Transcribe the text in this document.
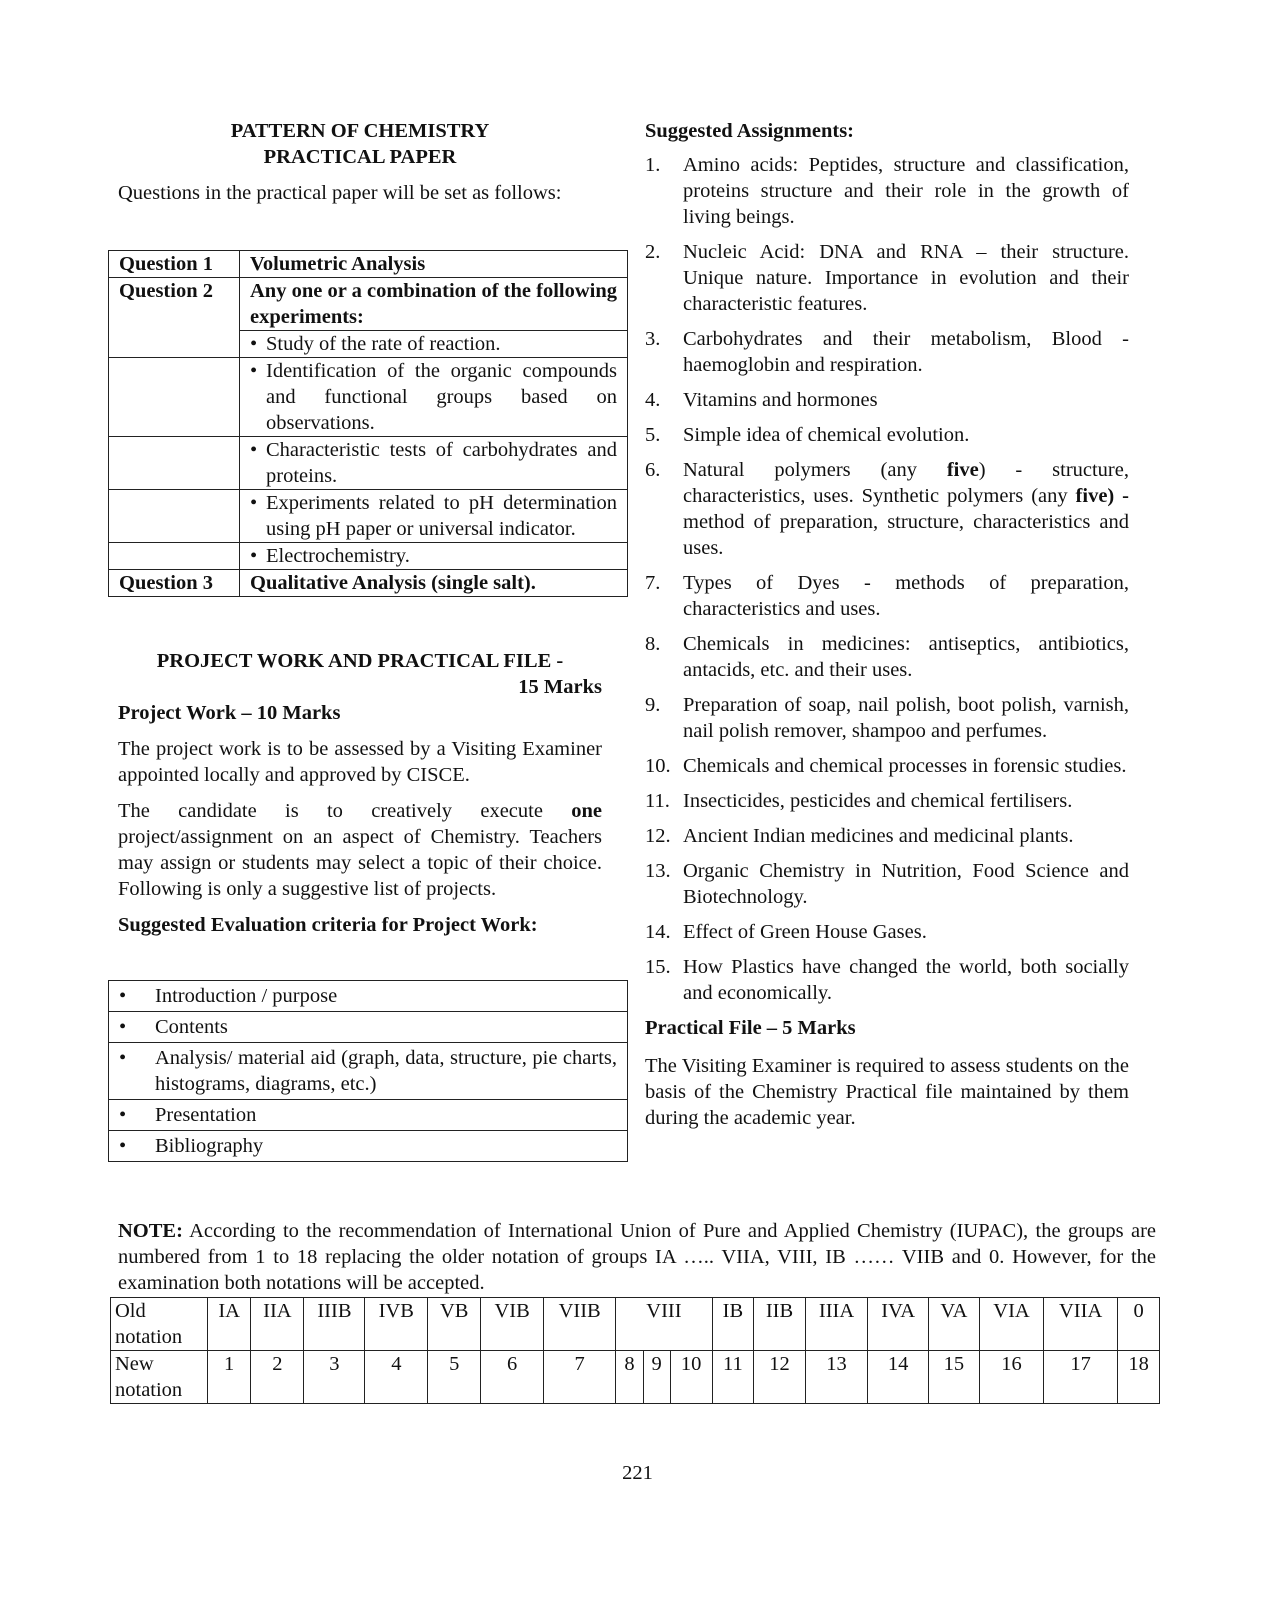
PATTERN OF CHEMISTRY
PRACTICAL PAPER

Questions in the practical paper will be set as follows:

Question 1	Volumetric Analysis
Question 2	Any one or a combination of the following experiments:

	• Study of the rate of reaction.

	• Identification of the organic compounds and functional groups based on observations.

	• Characteristic tests of carbohydrates and proteins.

	• Experiments related to pH determination using pH paper or universal indicator.

	• Electrochemistry.

Question 3	Qualitative Analysis (single salt).
PROJECT WORK AND PRACTICAL FILE -
15 Marks
Project Work – 10 Marks

The project work is to be assessed by a Visiting Examiner appointed locally and approved by CISCE.

The candidate is to creatively execute one project/assignment on an aspect of Chemistry. Teachers may assign or students may select a topic of their choice. Following is only a suggestive list of projects.

Suggested Evaluation criteria for Project Work:
•	Introduction / purpose

•	Contents

•	Analysis/ material aid (graph, data, structure, pie charts, histograms, diagrams, etc.)

•	Presentation

•	Bibliography
Suggested Assignments:
1.	Amino acids: Peptides, structure and classification, proteins structure and their role in the growth of living beings.
2.	Nucleic Acid: DNA and RNA – their structure. Unique nature. Importance in evolution and their characteristic features.
3.	Carbohydrates and their metabolism, Blood - haemoglobin and respiration.
4.	Vitamins and hormones
5.	Simple idea of chemical evolution.
6.	Natural polymers (any five) - structure, characteristics, uses. Synthetic polymers (any five) - method of preparation, structure, characteristics and uses.
7.	Types of Dyes - methods of preparation, characteristics and uses.
8.	Chemicals in medicines: antiseptics, antibiotics, antacids, etc. and their uses.
9.	Preparation of soap, nail polish, boot polish, varnish, nail polish remover, shampoo and perfumes.
10. Chemicals and chemical processes in forensic studies.
11. Insecticides, pesticides and chemical fertilisers.
12. Ancient Indian medicines and medicinal plants.
13. Organic Chemistry in Nutrition, Food Science and Biotechnology.
14. Effect of Green House Gases.
15. How Plastics have changed the world, both socially and economically.
Practical File – 5 Marks

The Visiting Examiner is required to assess students on the basis of the Chemistry Practical file maintained by them during the academic year.

NOTE: According to the recommendation of International Union of Pure and Applied Chemistry (IUPAC), the groups are numbered from 1 to 18 replacing the older notation of groups IA ….. VIIA, VIII, IB …… VIIB and 0. However, for the examination both notations will be accepted.
Old notation	IA	IIA	IIIB	IVB	VB	VIB	VIIB	VIII			IB	IIB	IIIA	IVA	VA	VIA	VIIA	0
New notation	1	2	3	4	5	6	7	8	9	10	11	12	13	14	15	16	17	18
221
